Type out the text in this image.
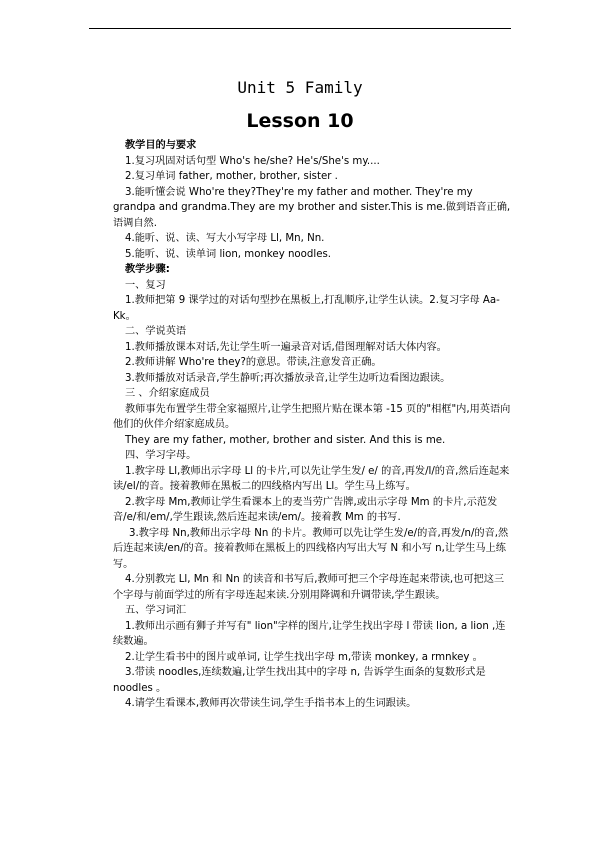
Unit 5 Family
Lesson 10

教学目的与要求

1.复习巩固对话句型 Who's he/she? He's/She's my....

2.复习单词 father, mother, brother, sister .

3.能听懂会说 Who're they?They're my father and mother. They're my grandpa and grandma.They are my brother and sister.This is me.做到语音正确,语调自然.

4.能听、说、读、写大小写字母 Ll, Mn, Nn.

5.能听、说、读单词 lion, monkey noodles.

教学步骤:

一、复习

1.教师把第 9 课学过的对话句型抄在黑板上,打乱顺序,让学生认读。2.复习字母 Aa-Kk。

二、学说英语

1.教师播放课本对话,先让学生听一遍录音对话,借图理解对话大体内容。

2.教师讲解 Who're they?的意思。带读,注意发音正确。

3.教师播放对话录音,学生静听;再次播放录音,让学生边听边看图边跟读。

三 、介绍家庭成员

教师事先布置学生带全家福照片,让学生把照片贴在课本第 -15 页的"相框"内,用英语向他们的伙伴介绍家庭成员。

They are my father, mother, brother and sister. And this is me.

四、学习字母。

1.教字母 Ll,教师出示字母 Ll 的卡片,可以先让学生发/ e/ 的音,再发/l/的音,然后连起来读/el/的音。接着教师在黑板二的四线格内写出 Ll。学生马上练写。

2.教字母 Mm,教师让学生看课本上的麦当劳广告牌,或出示字母 Mm 的卡片,示范发音/e/和/em/,学生跟读,然后连起来读/em/。接着教 Mm 的书写.

3.教字母 Nn,教师出示字母 Nn 的卡片。教师可以先让学生发/e/的音,再发/n/的音,然后连起来读/en/的音。接着教师在黑板上的四线格内写出大写 N 和小写 n,让学生马上练写。

4.分别教完 Ll, Mn 和 Nn 的读音和书写后,教师可把三个字母连起来带读,也可把这三个字母与前面学过的所有字母连起来读.分别用降调和升调带读,学生跟读。

五、学习词汇

1.教师出示画有狮子并写有" lion"字样的图片,让学生找出字母 l 带读 lion, a lion ,连续数遍。

2.让学生看书中的图片或单词, 让学生找出字母 m,带读 monkey, a rmnkey 。

3.带读 noodles,连续数遍,让学生找出其中的字母 n, 告诉学生面条的复数形式是 noodles 。

4.请学生看课本,教师再次带读生词,学生手指书本上的生词跟读。
